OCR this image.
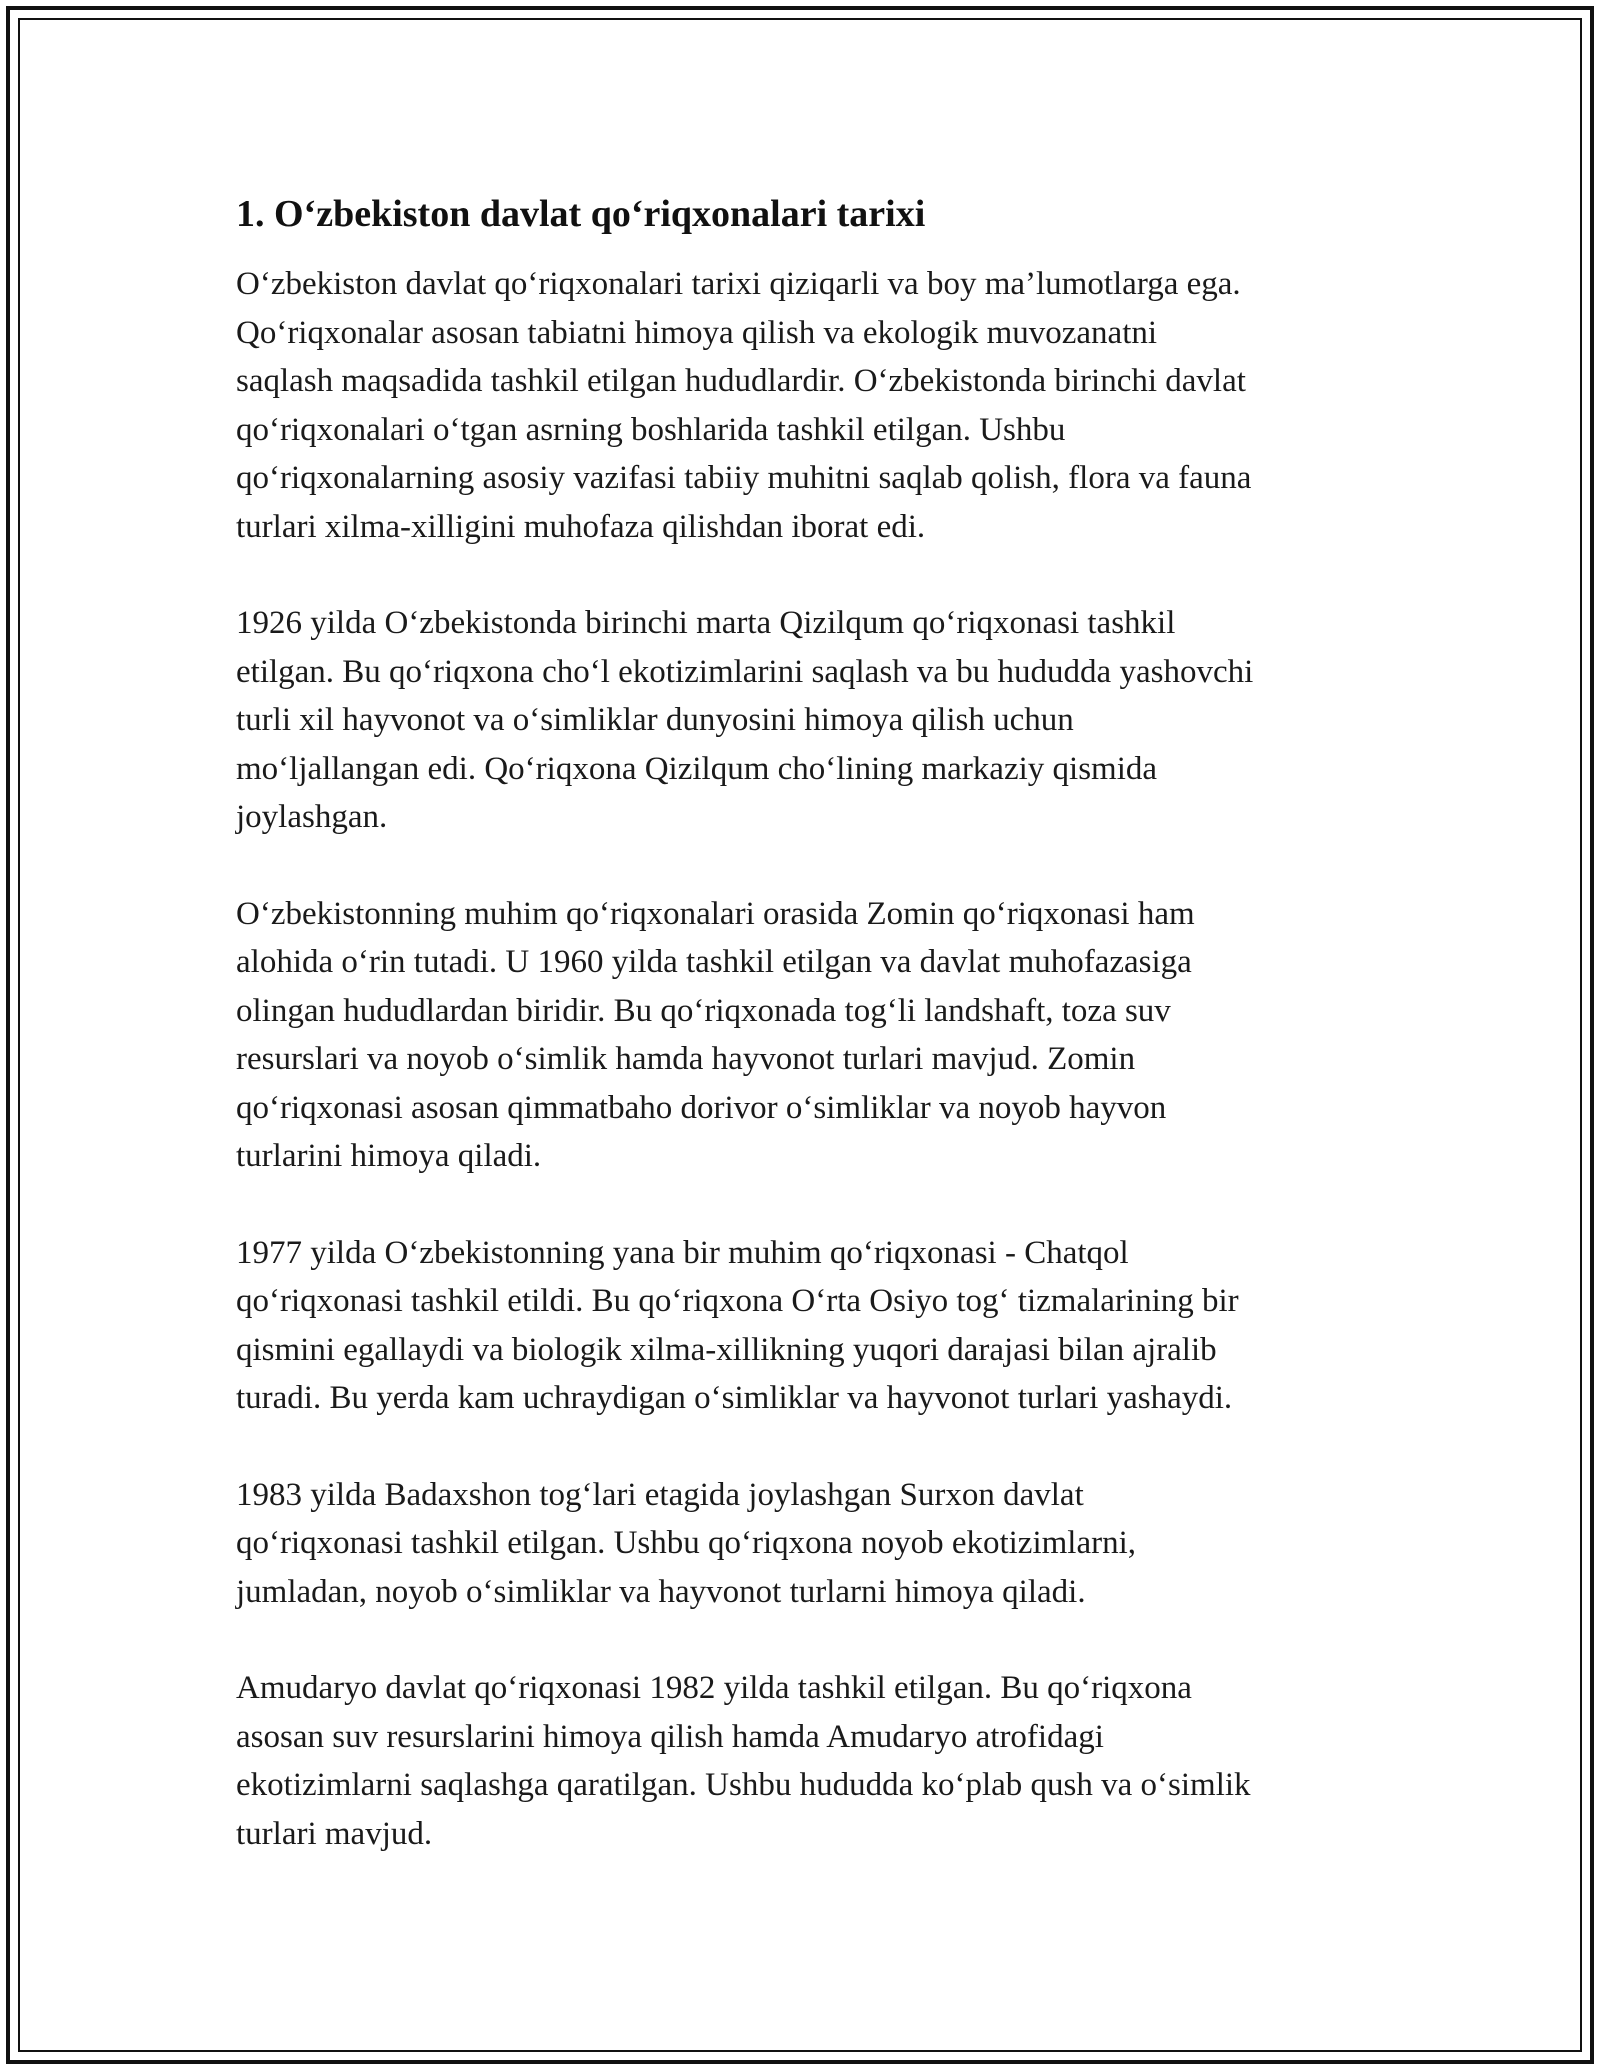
1. O‘zbekiston davlat qo‘riqxonalari tarixi

O‘zbekiston davlat qo‘riqxonalari tarixi qiziqarli va boy ma’lumotlarga ega.
Qo‘riqxonalar asosan tabiatni himoya qilish va ekologik muvozanatni
saqlash maqsadida tashkil etilgan hududlardir. O‘zbekistonda birinchi davlat
qo‘riqxonalari o‘tgan asrning boshlarida tashkil etilgan. Ushbu
qo‘riqxonalarning asosiy vazifasi tabiiy muhitni saqlab qolish, flora va fauna
turlari xilma-xilligini muhofaza qilishdan iborat edi.

1926 yilda O‘zbekistonda birinchi marta Qizilqum qo‘riqxonasi tashkil
etilgan. Bu qo‘riqxona cho‘l ekotizimlarini saqlash va bu hududda yashovchi
turli xil hayvonot va o‘simliklar dunyosini himoya qilish uchun
mo‘ljallangan edi. Qo‘riqxona Qizilqum cho‘lining markaziy qismida
joylashgan.

O‘zbekistonning muhim qo‘riqxonalari orasida Zomin qo‘riqxonasi ham
alohida o‘rin tutadi. U 1960 yilda tashkil etilgan va davlat muhofazasiga
olingan hududlardan biridir. Bu qo‘riqxonada tog‘li landshaft, toza suv
resurslari va noyob o‘simlik hamda hayvonot turlari mavjud. Zomin
qo‘riqxonasi asosan qimmatbaho dorivor o‘simliklar va noyob hayvon
turlarini himoya qiladi.

1977 yilda O‘zbekistonning yana bir muhim qo‘riqxonasi - Chatqol
qo‘riqxonasi tashkil etildi. Bu qo‘riqxona O‘rta Osiyo tog‘ tizmalarining bir
qismini egallaydi va biologik xilma-xillikning yuqori darajasi bilan ajralib
turadi. Bu yerda kam uchraydigan o‘simliklar va hayvonot turlari yashaydi.

1983 yilda Badaxshon tog‘lari etagida joylashgan Surxon davlat
qo‘riqxonasi tashkil etilgan. Ushbu qo‘riqxona noyob ekotizimlarni,
jumladan, noyob o‘simliklar va hayvonot turlarni himoya qiladi.

Amudaryo davlat qo‘riqxonasi 1982 yilda tashkil etilgan. Bu qo‘riqxona
asosan suv resurslarini himoya qilish hamda Amudaryo atrofidagi
ekotizimlarni saqlashga qaratilgan. Ushbu hududda ko‘plab qush va o‘simlik
turlari mavjud.
